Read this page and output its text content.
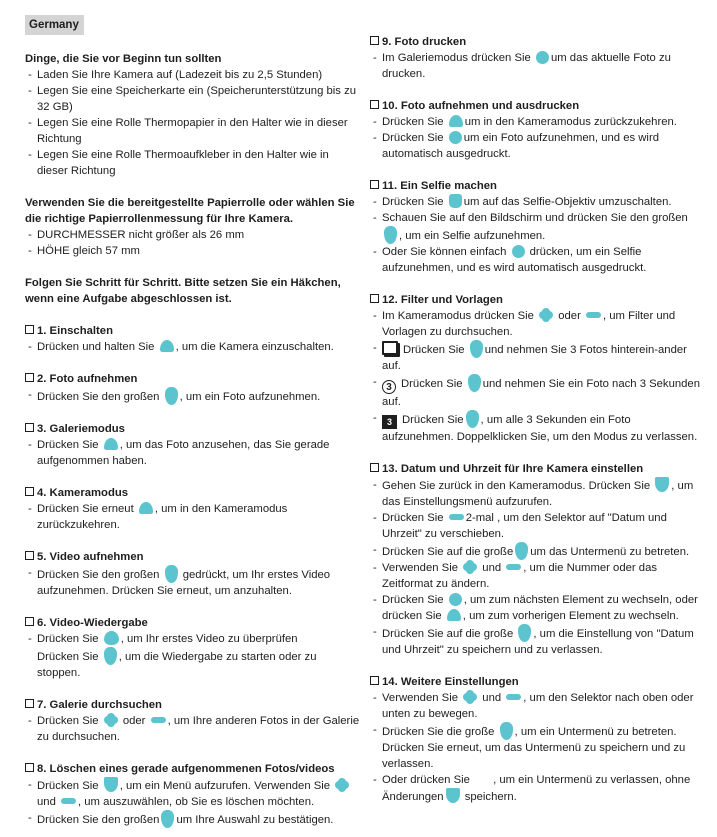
Germany
Dinge, die Sie vor Beginn tun sollten
- Laden Sie Ihre Kamera auf (Ladezeit bis zu 2,5 Stunden)
- Legen Sie eine Speicherkarte ein (Speicherunterstützung bis zu 32 GB)
- Legen Sie eine Rolle Thermopapier in den Halter wie in dieser Richtung
- Legen Sie eine Rolle Thermoaufkleber in den Halter wie in dieser Richtung
Verwenden Sie die bereitgestellte Papierrolle oder wählen Sie die richtige Papierrollenmessung für Ihre Kamera.
- DURCHMESSER nicht größer als 26 mm
- HÖHE gleich 57 mm
Folgen Sie Schritt für Schritt. Bitte setzen Sie ein Häkchen, wenn eine Aufgabe abgeschlossen ist.
1. Einschalten
- Drücken und halten Sie , um die Kamera einzuschalten.
2. Foto aufnehmen
- Drücken Sie den großen , um ein Foto aufzunehmen.
3. Galeriemodus
- Drücken Sie , um das Foto anzusehen, das Sie gerade aufgenommen haben.
4. Kameramodus
- Drücken Sie erneut , um in den Kameramodus zurückzukehren.
5. Video aufnehmen
- Drücken Sie den großen gedrückt, um Ihr erstes Video aufzunehmen. Drücken Sie erneut, um anzuhalten.
6. Video-Wiedergabe
- Drücken Sie , um Ihr erstes Video zu überprüfen
Drücken Sie , um die Wiedergabe zu starten oder zu stoppen.
7. Galerie durchsuchen
- Drücken Sie oder , um Ihre anderen Fotos in der Galerie zu durchsuchen.
8. Löschen eines gerade aufgenommenen Fotos/videos
- Drücken Sie , um ein Menü aufzurufen. Verwenden Sie  und , um auszuwählen, ob Sie es löschen möchten.
- Drücken Sie den großen um Ihre Auswahl zu bestätigen.
9. Foto drucken
- Im Galeriemodus drücken Sie um das aktuelle Foto zu drucken.
10. Foto aufnehmen und ausdrucken
- Drücken Sie um in den Kameramodus zurückzukehren.
- Drücken Sie um ein Foto aufzunehmen, und es wird automatisch ausgedruckt.
11. Ein Selfie machen
- Drücken Sie um auf das Selfie-Objektiv umzuschalten.
- Schauen Sie auf den Bildschirm und drücken Sie den großen , um ein Selfie aufzunehmen.
- Oder Sie können einfach drücken, um ein Selfie aufzunehmen, und es wird automatisch ausgedruckt.
12. Filter und Vorlagen
- Im Kameramodus drücken Sie oder , um Filter und Vorlagen zu durchsuchen.
- Drücken Sie und nehmen Sie 3 Fotos hinterein-ander auf.
- 3 Drücken Sie und nehmen Sie ein Foto nach 3 Sekunden auf.
- 3 Drücken Sie , um alle 3 Sekunden ein Foto aufzunehmen. Doppelklicken Sie, um den Modus zu verlassen.
13. Datum und Uhrzeit für Ihre Kamera einstellen
- Gehen Sie zurück in den Kameramodus. Drücken Sie , um das Einstellungsmenü aufzurufen.
- Drücken Sie 2-mal , um den Selektor auf "Datum und Uhrzeit" zu verschieben.
- Drücken Sie auf die große um das Untermenü zu betreten.
- Verwenden Sie und , um die Nummer oder das Zeitformat zu ändern.
- Drücken Sie , um zum nächsten Element zu wechseln, oder drücken Sie , um zum vorherigen Element zu wechseln.
- Drücken Sie auf die große , um die Einstellung von "Datum und Uhrzeit" zu speichern und zu verlassen.
14. Weitere Einstellungen
- Verwenden Sie und , um den Selektor nach oben oder unten zu bewegen.
- Drücken Sie die große , um ein Untermenü zu betreten. Drücken Sie erneut, um das Untermenü zu speichern und zu verlassen.
- Oder drücken Sie , um ein Untermenü zu verlassen, ohne Änderungen speichern.
